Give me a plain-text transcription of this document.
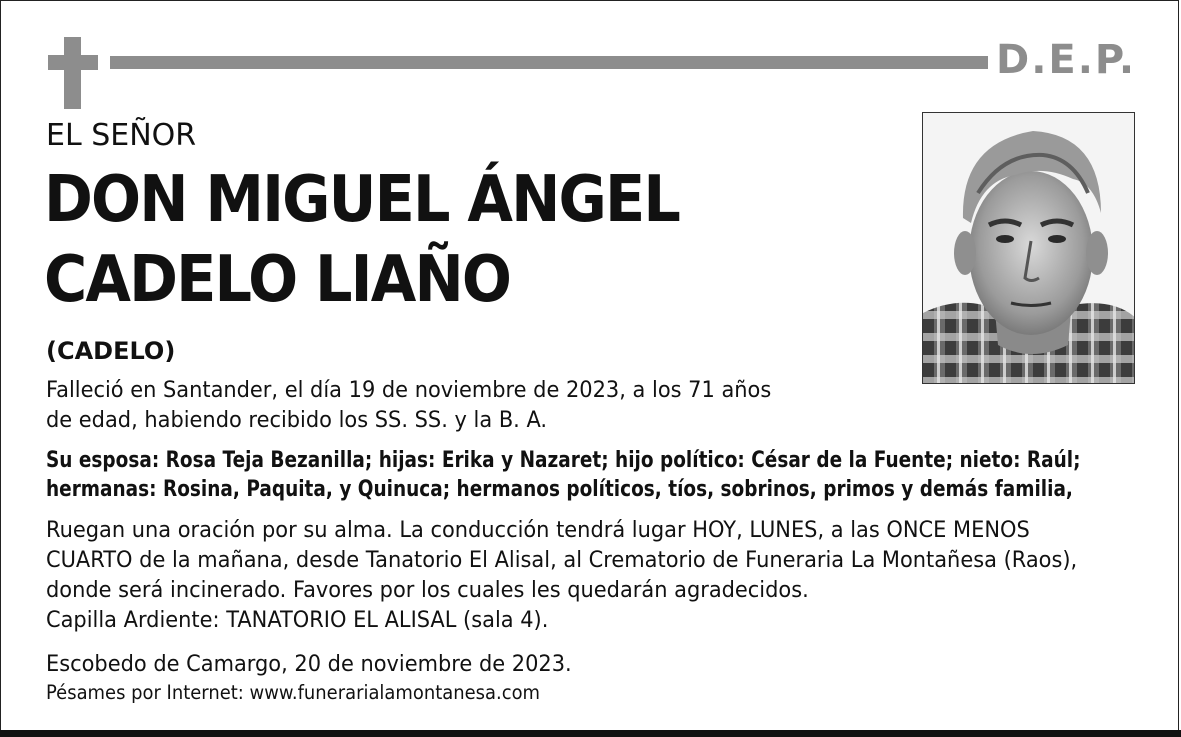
D.E.P.
EL SEÑOR
DON MIGUEL ÁNGEL
CADELO LIAÑO
(CADELO)
Falleció en Santander, el día 19 de noviembre de 2023, a los 71 años
de edad, habiendo recibido los SS. SS. y la B. A.
Su esposa: Rosa Teja Bezanilla; hijas: Erika y Nazaret; hijo político: César de la Fuente; nieto: Raúl;
hermanas: Rosina, Paquita, y Quinuca; hermanos políticos, tíos, sobrinos, primos y demás familia,
Ruegan una oración por su alma. La conducción tendrá lugar HOY, LUNES, a las ONCE MENOS
CUARTO de la mañana, desde Tanatorio El Alisal, al Crematorio de Funeraria La Montañesa (Raos),
donde será incinerado. Favores por los cuales les quedarán agradecidos.
Capilla Ardiente: TANATORIO EL ALISAL (sala 4).
Escobedo de Camargo, 20 de noviembre de 2023.
Pésames por Internet: www.funerarialamontanesa.com
